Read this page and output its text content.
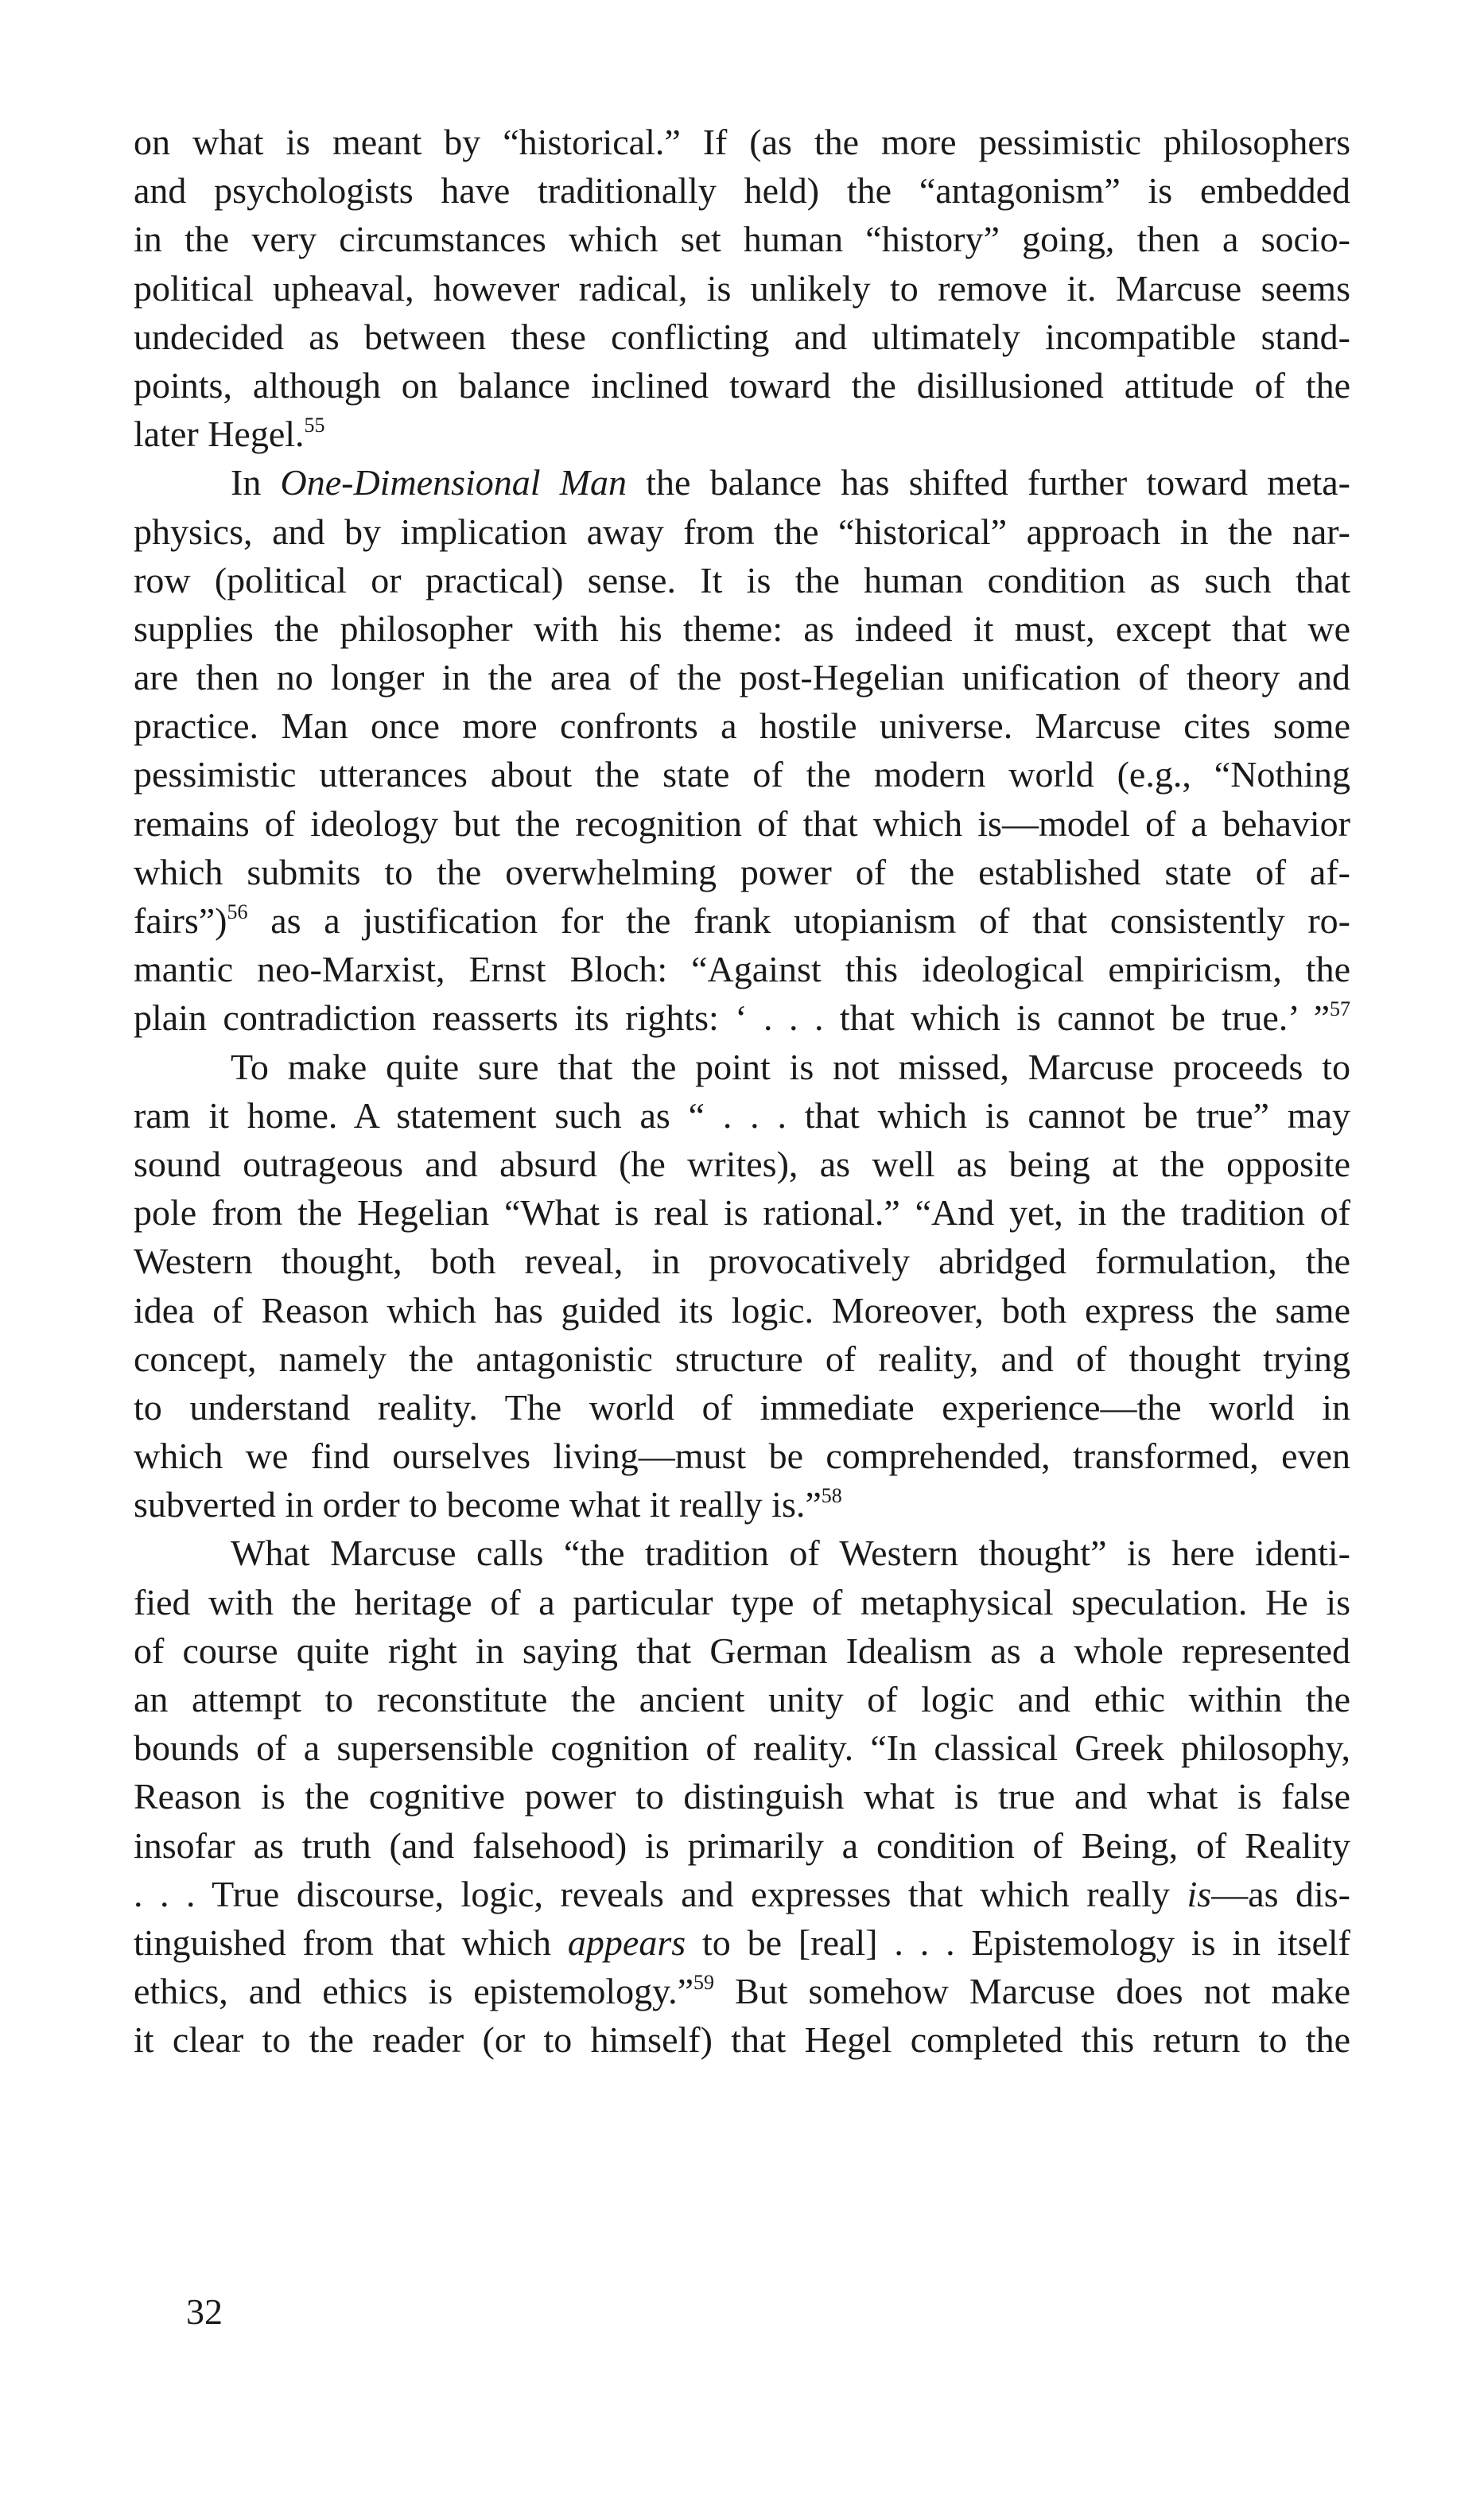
on what is meant by “historical.” If (as the more pessimistic philosophers
and psychologists have traditionally held) the “antagonism” is embedded
in the very circumstances which set human “history” going, then a socio-
political upheaval, however radical, is unlikely to remove it. Marcuse seems
undecided as between these conflicting and ultimately incompatible stand-
points, although on balance inclined toward the disillusioned attitude of the
later Hegel.$^{55}$
In One-Dimensional Man the balance has shifted further toward meta-
physics, and by implication away from the “historical” approach in the nar-
row (political or practical) sense. It is the human condition as such that
supplies the philosopher with his theme: as indeed it must, except that we
are then no longer in the area of the post-Hegelian unification of theory and
practice. Man once more confronts a hostile universe. Marcuse cites some
pessimistic utterances about the state of the modern world (e.g., “Nothing
remains of ideology but the recognition of that which is—model of a behavior
which submits to the overwhelming power of the established state of af-
fairs”)$^{56}$ as a justification for the frank utopianism of that consistently ro-
mantic neo-Marxist, Ernst Bloch: “Against this ideological empiricism, the
plain contradiction reasserts its rights: ‘ . . . that which is cannot be true.’ ”$^{57}$
To make quite sure that the point is not missed, Marcuse proceeds to
ram it home. A statement such as “ . . . that which is cannot be true” may
sound outrageous and absurd (he writes), as well as being at the opposite
pole from the Hegelian “What is real is rational.” “And yet, in the tradition of
Western thought, both reveal, in provocatively abridged formulation, the
idea of Reason which has guided its logic. Moreover, both express the same
concept, namely the antagonistic structure of reality, and of thought trying
to understand reality. The world of immediate experience—the world in
which we find ourselves living—must be comprehended, transformed, even
subverted in order to become what it really is.”$^{58}$
What Marcuse calls “the tradition of Western thought” is here identi-
fied with the heritage of a particular type of metaphysical speculation. He is
of course quite right in saying that German Idealism as a whole represented
an attempt to reconstitute the ancient unity of logic and ethic within the
bounds of a supersensible cognition of reality. “In classical Greek philosophy,
Reason is the cognitive power to distinguish what is true and what is false
insofar as truth (and falsehood) is primarily a condition of Being, of Reality
. . . True discourse, logic, reveals and expresses that which really is—as dis-
tinguished from that which appears to be [real] . . . Epistemology is in itself
ethics, and ethics is epistemology.”$^{59}$ But somehow Marcuse does not make
it clear to the reader (or to himself) that Hegel completed this return to the
32
